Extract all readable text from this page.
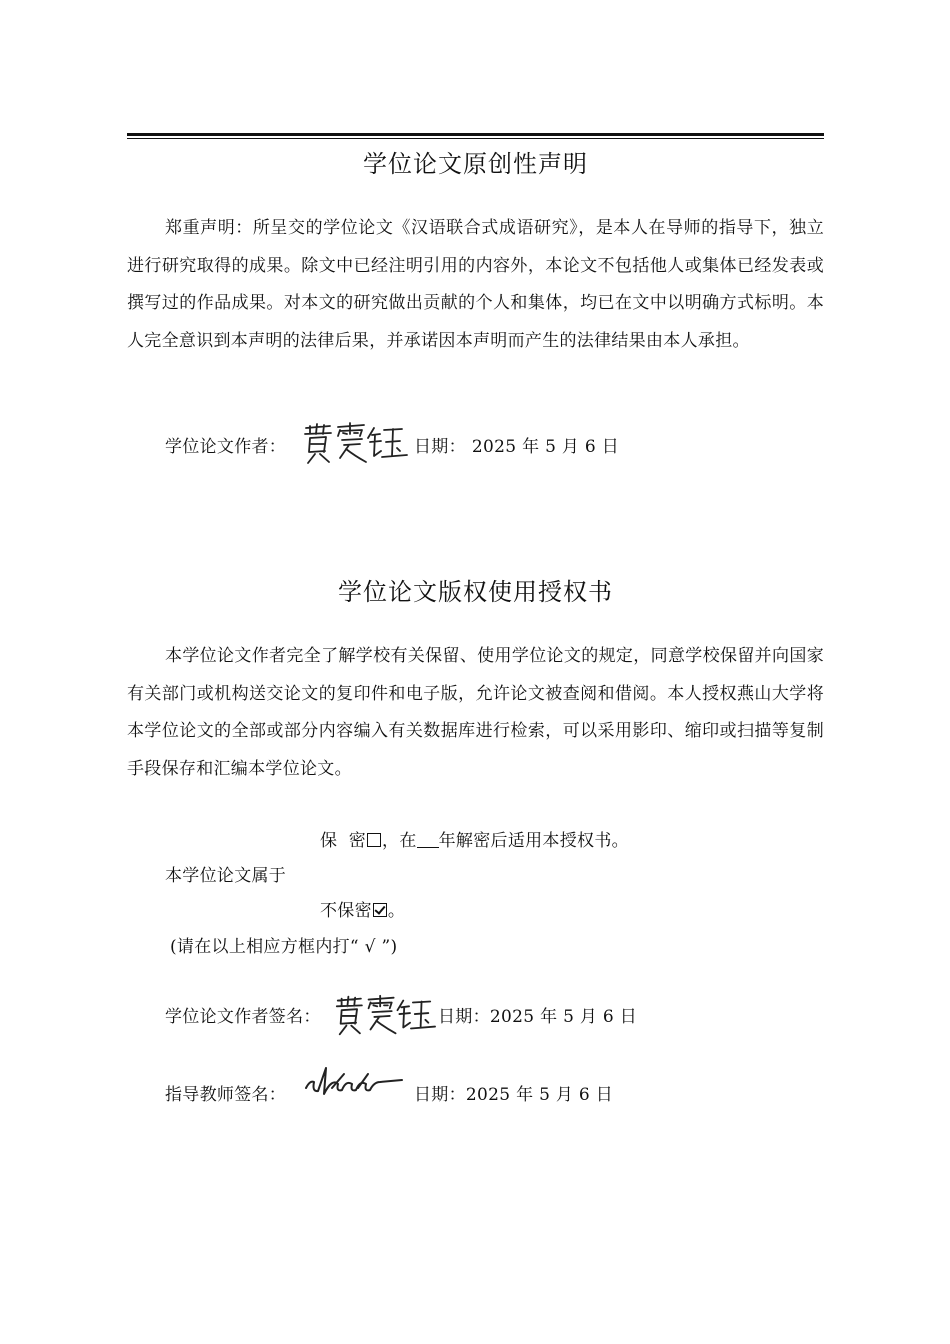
学位论文原创性声明

郑重声明：所呈交的学位论文《汉语联合式成语研究》，是本人在导师的指导下，独立进行研究取得的成果。除文中已经注明引用的内容外，本论文不包括他人或集体已经发表或撰写过的作品成果。对本文的研究做出贡献的个人和集体，均已在文中以明确方式标明。本人完全意识到本声明的法律后果，并承诺因本声明而产生的法律结果由本人承担。

学位论文作者：	日期： 2025 年 5 月 6 日
学位论文版权使用授权书

本学位论文作者完全了解学校有关保留、使用学位论文的规定，同意学校保留并向国家有关部门或机构送交论文的复印件和电子版，允许论文被查阅和借阅。本人授权燕山大学将本学位论文的全部或部分内容编入有关数据库进行检索，可以采用影印、缩印或扫描等复制手段保存和汇编本学位论文。

保  密 ，在 年解密后适用本授权书。
本学位论文属于
不保密 。
(请在以上相应方框内打“ √ ”)
学位论文作者签名：	日期：2025 年 5 月 6 日
指导教师签名：	日期：2025 年 5 月 6 日
